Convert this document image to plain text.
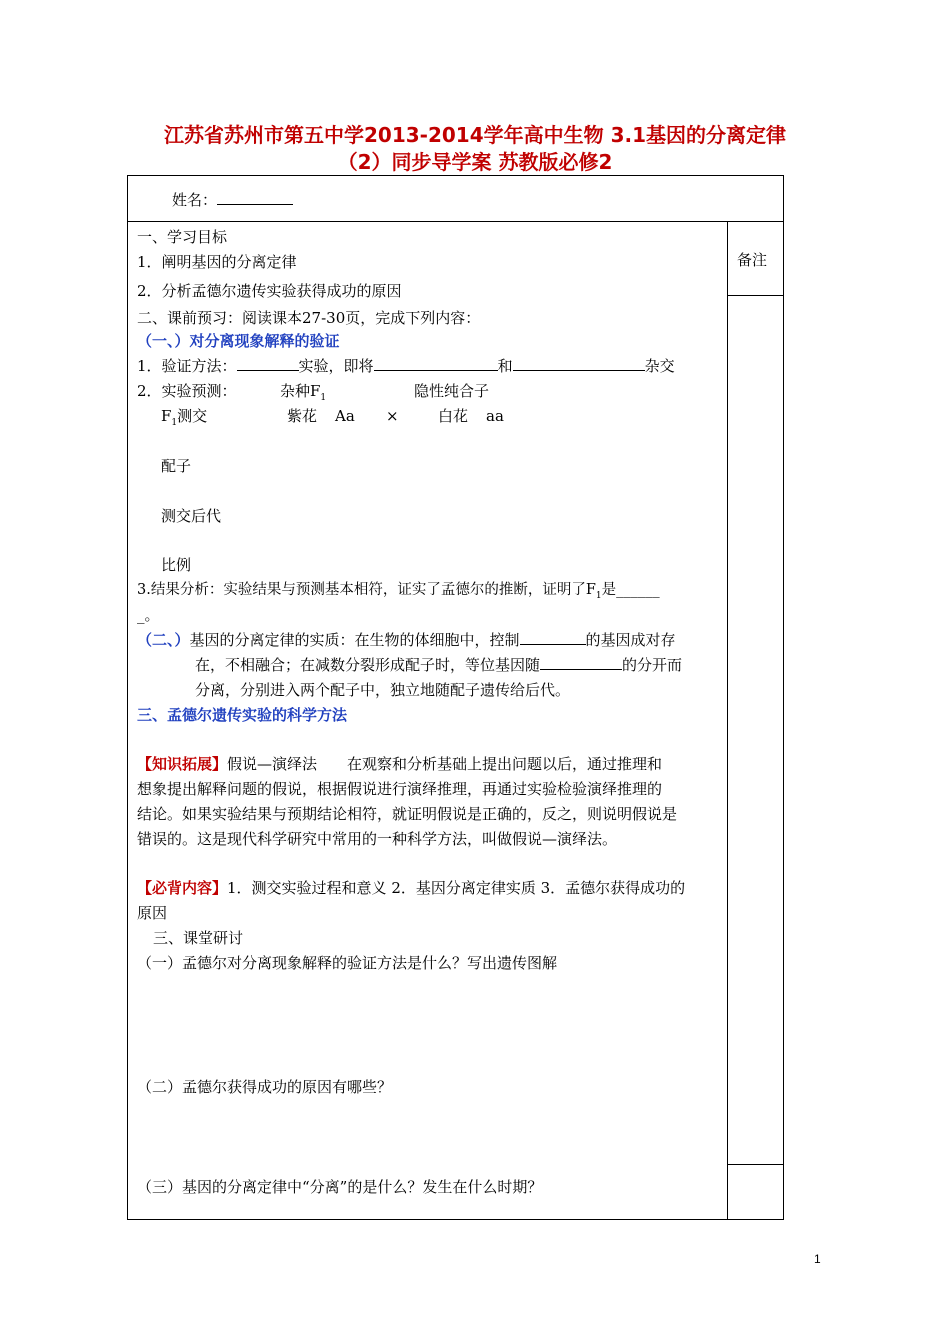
江苏省苏州市第五中学2013-2014学年高中生物 3.1基因的分离定律
（2）同步导学案 苏教版必修2
姓名：
备注
一、学习目标
1．阐明基因的分离定律
2．分析孟德尔遗传实验获得成功的原因
二、课前预习：阅读课本27-30页，完成下列内容：
（一、）对分离现象解释的验证
1．验证方法：	实验，即将	和	杂交
2．实验预测：	杂种$F_1$	隐性纯合子
$F_1$测交	紫花 Aa ×	白花 aa
配子
测交后代
比例
3.结果分析：实验结果与预测基本相符，证实了孟德尔的推断，证明了$F_1$是______
_。
（二、）基因的分离定律的实质：在生物的体细胞中，控制	的基因成对存
在，不相融合；在减数分裂形成配子时，等位基因随	的分开而
分离，分别进入两个配子中，独立地随配子遗传给后代。
三、孟德尔遗传实验的科学方法
【知识拓展】假说—演绎法　　在观察和分析基础上提出问题以后，通过推理和
想象提出解释问题的假说，根据假说进行演绎推理，再通过实验检验演绎推理的
结论。如果实验结果与预期结论相符，就证明假说是正确的，反之，则说明假说是
错误的。这是现代科学研究中常用的一种科学方法，叫做假说—演绎法。
【必背内容】1．测交实验过程和意义 2．基因分离定律实质 3．孟德尔获得成功的
原因
三、课堂研讨
（一）孟德尔对分离现象解释的验证方法是什么？写出遗传图解
（二）孟德尔获得成功的原因有哪些？
（三）基因的分离定律中“分离”的是什么？发生在什么时期？
1
